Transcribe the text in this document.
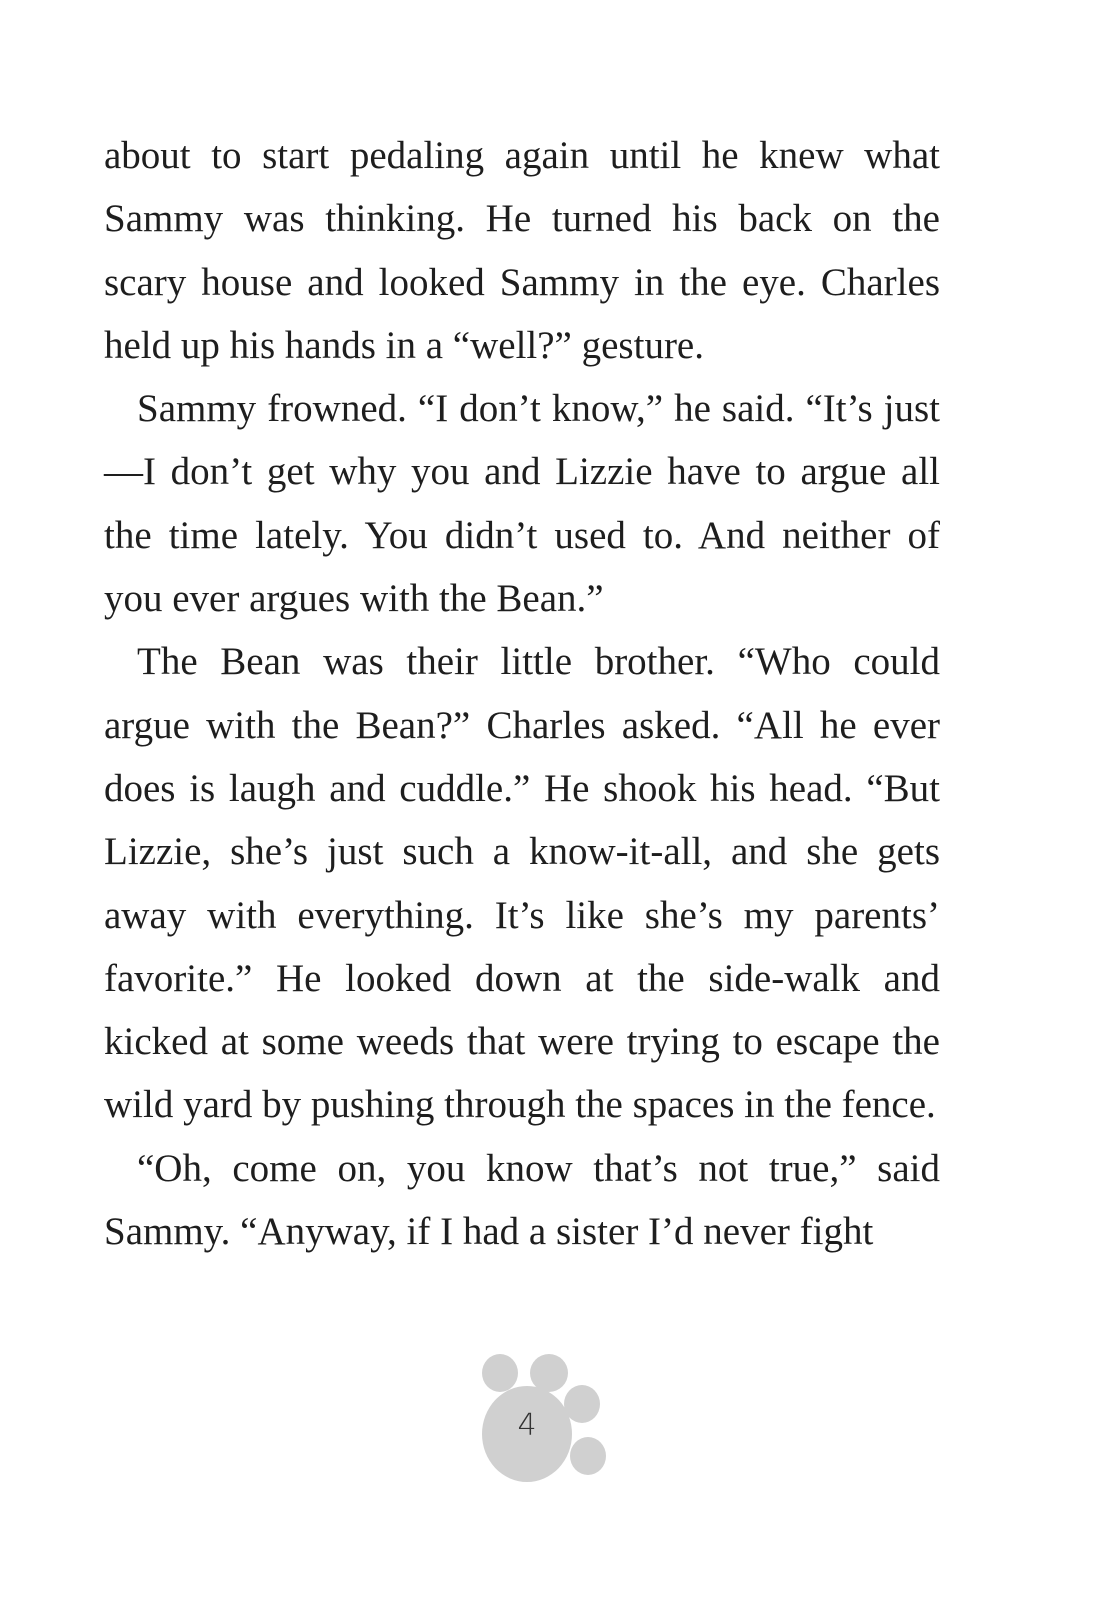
about to start pedaling again until he knew what Sammy was thinking. He turned his back on the scary house and looked Sammy in the eye. Charles held up his hands in a “well?” gesture.

Sammy frowned. “I don’t know,” he said. “It’s just—I don’t get why you and Lizzie have to argue all the time lately. You didn’t used to. And neither of you ever argues with the Bean.”

The Bean was their little brother. “Who could argue with the Bean?” Charles asked. “All he ever does is laugh and cuddle.” He shook his head. “But Lizzie, she’s just such a know-it-all, and she gets away with everything. It’s like she’s my parents’ favorite.” He looked down at the side-walk and kicked at some weeds that were trying to escape the wild yard by pushing through the spaces in the fence.

“Oh, come on, you know that’s not true,” said Sammy. “Anyway, if I had a sister I’d never fight

4
